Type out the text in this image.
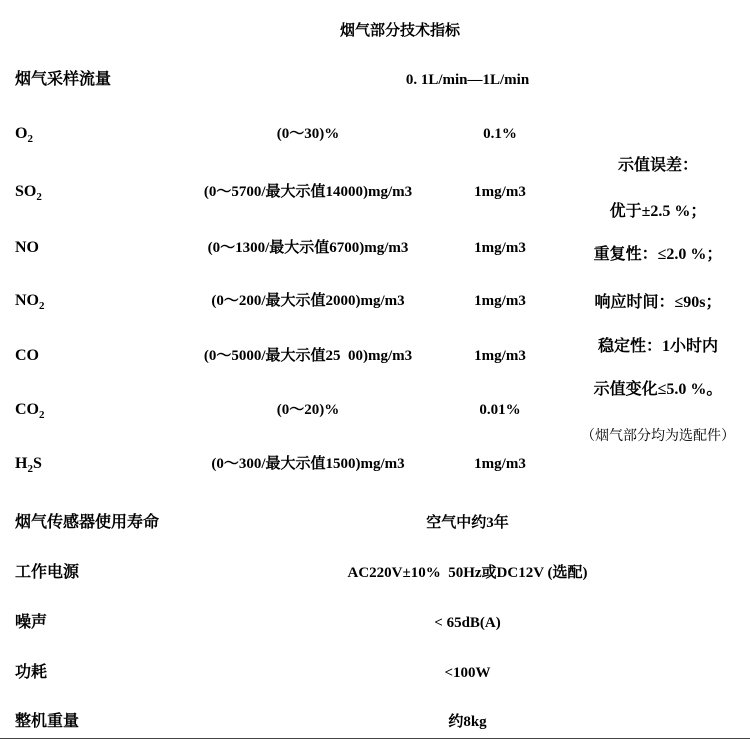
烟气部分技术指标
烟气采样流量	0. 1L/min—1L/min
$O_2$	(0～30)%	0.1%
$SO_2$	(0～5700/最大示值14000)mg/m3	1mg/m3
NO	(0～1300/最大示值6700)mg/m3	1mg/m3
$NO_2$	(0～200/最大示值2000)mg/m3	1mg/m3
CO	(0～5000/最大示值25  00)mg/m3	1mg/m3
$CO_2$	(0～20)%	0.01%
$H_2S$	(0～300/最大示值1500)mg/m3	1mg/m3
烟气传感器使用寿命	空气中约3年
工作电源	AC220V±10%  50Hz或DC12V (选配)
噪声	< 65dB(A)
功耗	<100W
整机重量	约8kg
示值误差：
优于±2.5 %；
重复性：≤2.0 %；
响应时间：≤90s；
稳定性：1小时内
示值变化≤5.0 %。
（烟气部分均为选配件）
